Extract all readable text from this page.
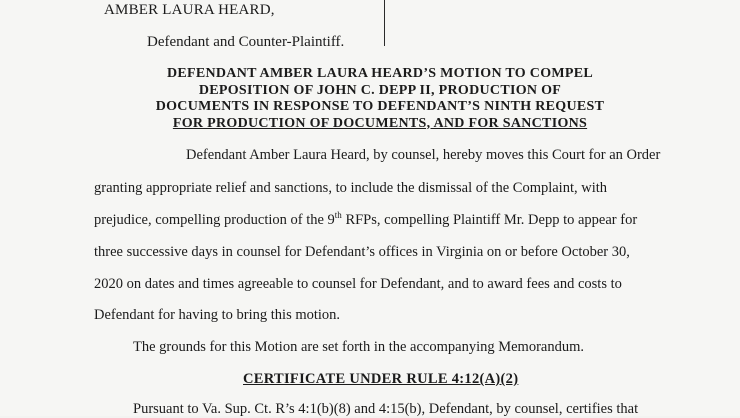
AMBER LAURA HEARD,
Defendant and Counter-Plaintiff.
DEFENDANT AMBER LAURA HEARD’S MOTION TO COMPEL
DEPOSITION OF JOHN C. DEPP II, PRODUCTION OF
DOCUMENTS IN RESPONSE TO DEFENDANT’S NINTH REQUEST
FOR PRODUCTION OF DOCUMENTS, AND FOR SANCTIONS
Defendant Amber Laura Heard, by counsel, hereby moves this Court for an Order
granting appropriate relief and sanctions, to include the dismissal of the Complaint, with
prejudice, compelling production of the 9th RFPs, compelling Plaintiff Mr. Depp to appear for
three successive days in counsel for Defendant’s offices in Virginia on or before October 30,
2020 on dates and times agreeable to counsel for Defendant, and to award fees and costs to
Defendant for having to bring this motion.
The grounds for this Motion are set forth in the accompanying Memorandum.
CERTIFICATE UNDER RULE 4:12(A)(2)
Pursuant to Va. Sup. Ct. R’s 4:1(b)(8) and 4:15(b), Defendant, by counsel, certifies that
